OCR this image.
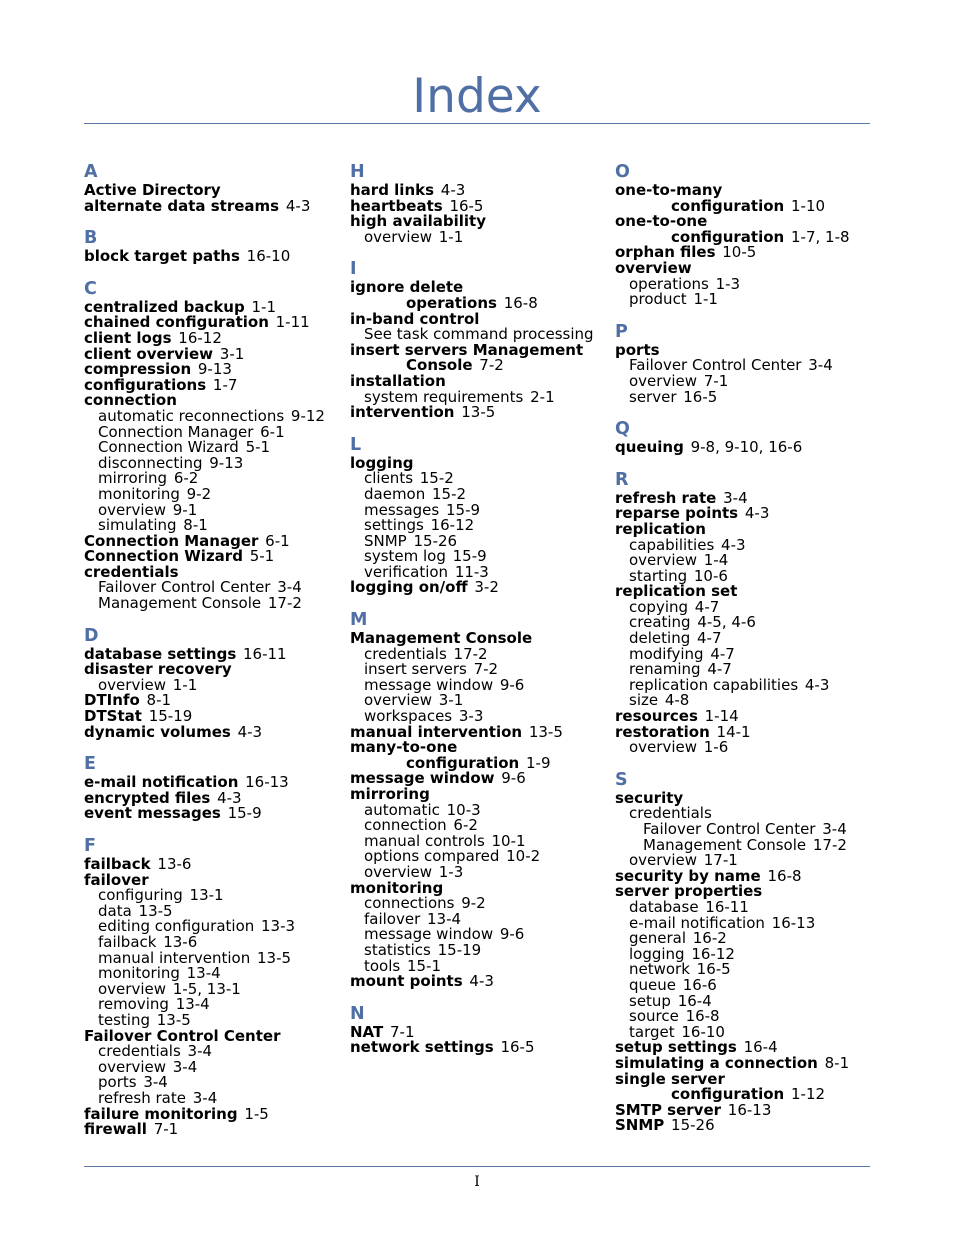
Index
A
Active Directory
alternate data streams 4-3
B
block target paths 16-10
C
centralized backup 1-1
chained configuration 1-11
client logs 16-12
client overview 3-1
compression 9-13
configurations 1-7
connection
automatic reconnections 9-12
Connection Manager 6-1
Connection Wizard 5-1
disconnecting 9-13
mirroring 6-2
monitoring 9-2
overview 9-1
simulating 8-1
Connection Manager 6-1
Connection Wizard 5-1
credentials
Failover Control Center 3-4
Management Console 17-2
D
database settings 16-11
disaster recovery
overview 1-1
DTInfo 8-1
DTStat 15-19
dynamic volumes 4-3
E
e-mail notification 16-13
encrypted files 4-3
event messages 15-9
F
failback 13-6
failover
configuring 13-1
data 13-5
editing configuration 13-3
failback 13-6
manual intervention 13-5
monitoring 13-4
overview 1-5, 13-1
removing 13-4
testing 13-5
Failover Control Center
credentials 3-4
overview 3-4
ports 3-4
refresh rate 3-4
failure monitoring 1-5
firewall 7-1
H
hard links 4-3
heartbeats 16-5
high availability
overview 1-1
I
ignore delete
operations 16-8
in-band control
See task command processing
insert servers Management
Console 7-2
installation
system requirements 2-1
intervention 13-5
L
logging
clients 15-2
daemon 15-2
messages 15-9
settings 16-12
SNMP 15-26
system log 15-9
verification 11-3
logging on/off 3-2
M
Management Console
credentials 17-2
insert servers 7-2
message window 9-6
overview 3-1
workspaces 3-3
manual intervention 13-5
many-to-one
configuration 1-9
message window 9-6
mirroring
automatic 10-3
connection 6-2
manual controls 10-1
options compared 10-2
overview 1-3
monitoring
connections 9-2
failover 13-4
message window 9-6
statistics 15-19
tools 15-1
mount points 4-3
N
NAT 7-1
network settings 16-5
O
one-to-many
configuration 1-10
one-to-one
configuration 1-7, 1-8
orphan files 10-5
overview
operations 1-3
product 1-1
P
ports
Failover Control Center 3-4
overview 7-1
server 16-5
Q
queuing 9-8, 9-10, 16-6
R
refresh rate 3-4
reparse points 4-3
replication
capabilities 4-3
overview 1-4
starting 10-6
replication set
copying 4-7
creating 4-5, 4-6
deleting 4-7
modifying 4-7
renaming 4-7
replication capabilities 4-3
size 4-8
resources 1-14
restoration 14-1
overview 1-6
S
security
credentials
Failover Control Center 3-4
Management Console 17-2
overview 17-1
security by name 16-8
server properties
database 16-11
e-mail notification 16-13
general 16-2
logging 16-12
network 16-5
queue 16-6
setup 16-4
source 16-8
target 16-10
setup settings 16-4
simulating a connection 8-1
single server
configuration 1-12
SMTP server 16-13
SNMP 15-26
I
